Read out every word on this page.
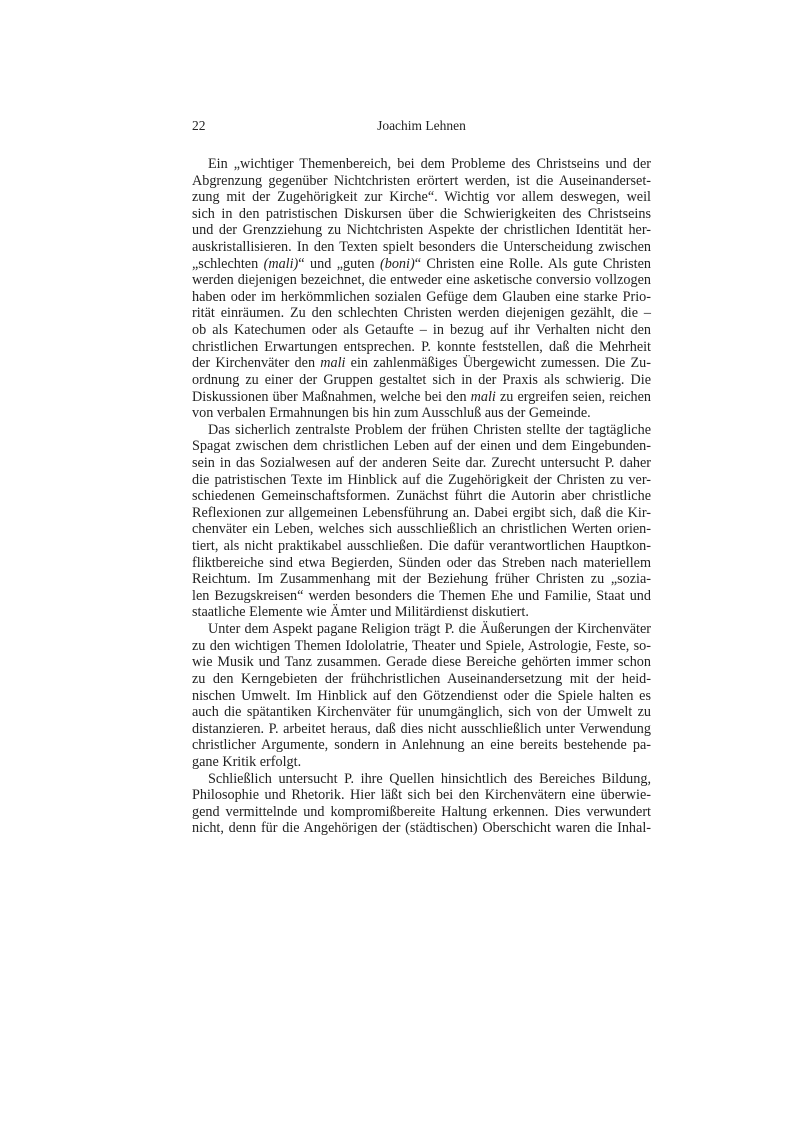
22	Joachim Lehnen
Ein „wichtiger Themenbereich, bei dem Probleme des Christseins und der
Abgrenzung gegenüber Nichtchristen erörtert werden, ist die Auseinanderset-
zung mit der Zugehörigkeit zur Kirche“. Wichtig vor allem deswegen, weil
sich in den patristischen Diskursen über die Schwierigkeiten des Christseins
und der Grenzziehung zu Nichtchristen Aspekte der christlichen Identität her-
auskristallisieren. In den Texten spielt besonders die Unterscheidung zwischen
„schlechten (mali)“ und „guten (boni)“ Christen eine Rolle. Als gute Christen
werden diejenigen bezeichnet, die entweder eine asketische conversio vollzogen
haben oder im herkömmlichen sozialen Gefüge dem Glauben eine starke Prio-
rität einräumen. Zu den schlechten Christen werden diejenigen gezählt, die –
ob als Katechumen oder als Getaufte – in bezug auf ihr Verhalten nicht den
christlichen Erwartungen entsprechen. P. konnte feststellen, daß die Mehrheit
der Kirchenväter den mali ein zahlenmäßiges Übergewicht zumessen. Die Zu-
ordnung zu einer der Gruppen gestaltet sich in der Praxis als schwierig. Die
Diskussionen über Maßnahmen, welche bei den mali zu ergreifen seien, reichen
von verbalen Ermahnungen bis hin zum Ausschluß aus der Gemeinde.
Das sicherlich zentralste Problem der frühen Christen stellte der tagtägliche
Spagat zwischen dem christlichen Leben auf der einen und dem Eingebunden-
sein in das Sozialwesen auf der anderen Seite dar. Zurecht untersucht P. daher
die patristischen Texte im Hinblick auf die Zugehörigkeit der Christen zu ver-
schiedenen Gemeinschaftsformen. Zunächst führt die Autorin aber christliche
Reflexionen zur allgemeinen Lebensführung an. Dabei ergibt sich, daß die Kir-
chenväter ein Leben, welches sich ausschließlich an christlichen Werten orien-
tiert, als nicht praktikabel ausschließen. Die dafür verantwortlichen Hauptkon-
fliktbereiche sind etwa Begierden, Sünden oder das Streben nach materiellem
Reichtum. Im Zusammenhang mit der Beziehung früher Christen zu „sozia-
len Bezugskreisen“ werden besonders die Themen Ehe und Familie, Staat und
staatliche Elemente wie Ämter und Militärdienst diskutiert.
Unter dem Aspekt pagane Religion trägt P. die Äußerungen der Kirchenväter
zu den wichtigen Themen Idololatrie, Theater und Spiele, Astrologie, Feste, so-
wie Musik und Tanz zusammen. Gerade diese Bereiche gehörten immer schon
zu den Kerngebieten der frühchristlichen Auseinandersetzung mit der heid-
nischen Umwelt. Im Hinblick auf den Götzendienst oder die Spiele halten es
auch die spätantiken Kirchenväter für unumgänglich, sich von der Umwelt zu
distanzieren. P. arbeitet heraus, daß dies nicht ausschließlich unter Verwendung
christlicher Argumente, sondern in Anlehnung an eine bereits bestehende pa-
gane Kritik erfolgt.
Schließlich untersucht P. ihre Quellen hinsichtlich des Bereiches Bildung,
Philosophie und Rhetorik. Hier läßt sich bei den Kirchenvätern eine überwie-
gend vermittelnde und kompromißbereite Haltung erkennen. Dies verwundert
nicht, denn für die Angehörigen der (städtischen) Oberschicht waren die Inhal-
